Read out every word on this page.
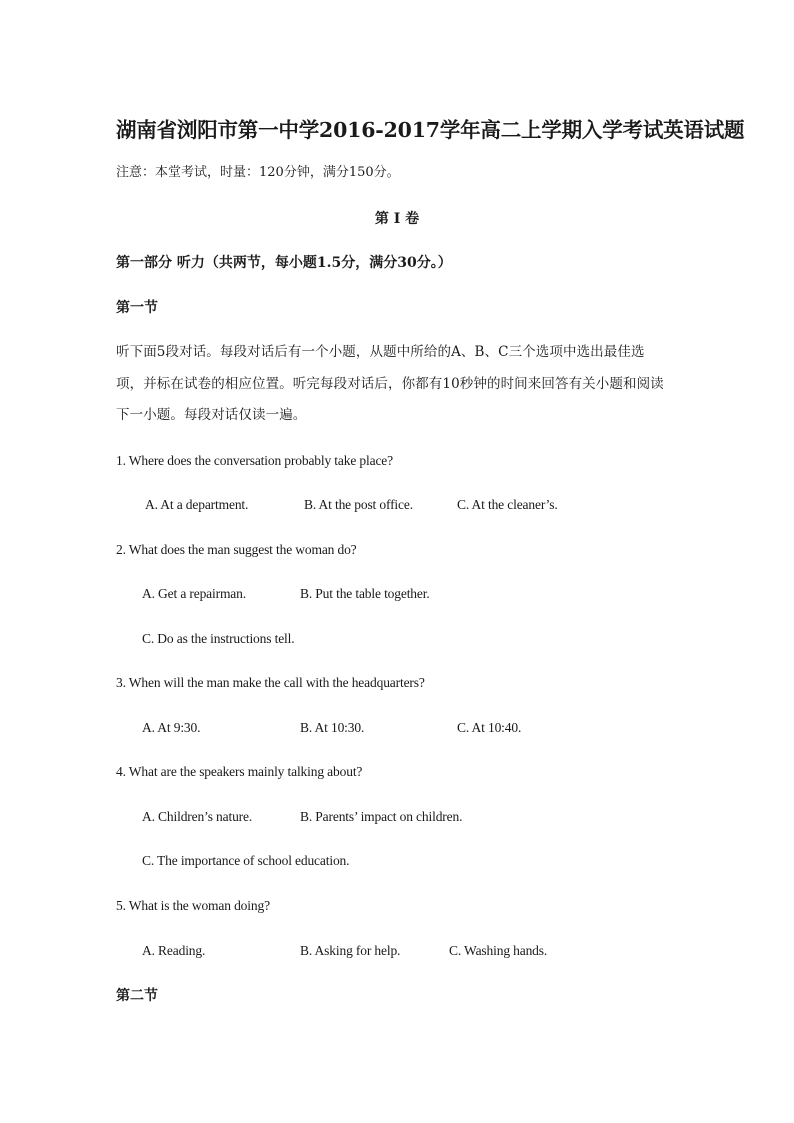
湖南省浏阳市第一中学2016-2017学年高二上学期入学考试英语试题
注意：本堂考试，时量：120分钟，满分150分。
第 I 卷
第一部分 听力（共两节，每小题1.5分，满分30分。）
第一节
听下面5段对话。每段对话后有一个小题，从题中所给的A、B、C三个选项中选出最佳选
项，并标在试卷的相应位置。听完每段对话后，你都有10秒钟的时间来回答有关小题和阅读
下一小题。每段对话仅读一遍。
1. Where does the conversation probably take place?
A. At a department.	B. At the post office.	C. At the cleaner’s.
2. What does the man suggest the woman do?
A. Get a repairman.	B. Put the table together.
C. Do as the instructions tell.
3. When will the man make the call with the headquarters?
A. At 9:30.	B. At 10:30.	C. At 10:40.
4. What are the speakers mainly talking about?
A. Children’s nature.	B. Parents’ impact on children.
C. The importance of school education.
5. What is the woman doing?
A. Reading.	B. Asking for help.	C. Washing hands.
第二节
